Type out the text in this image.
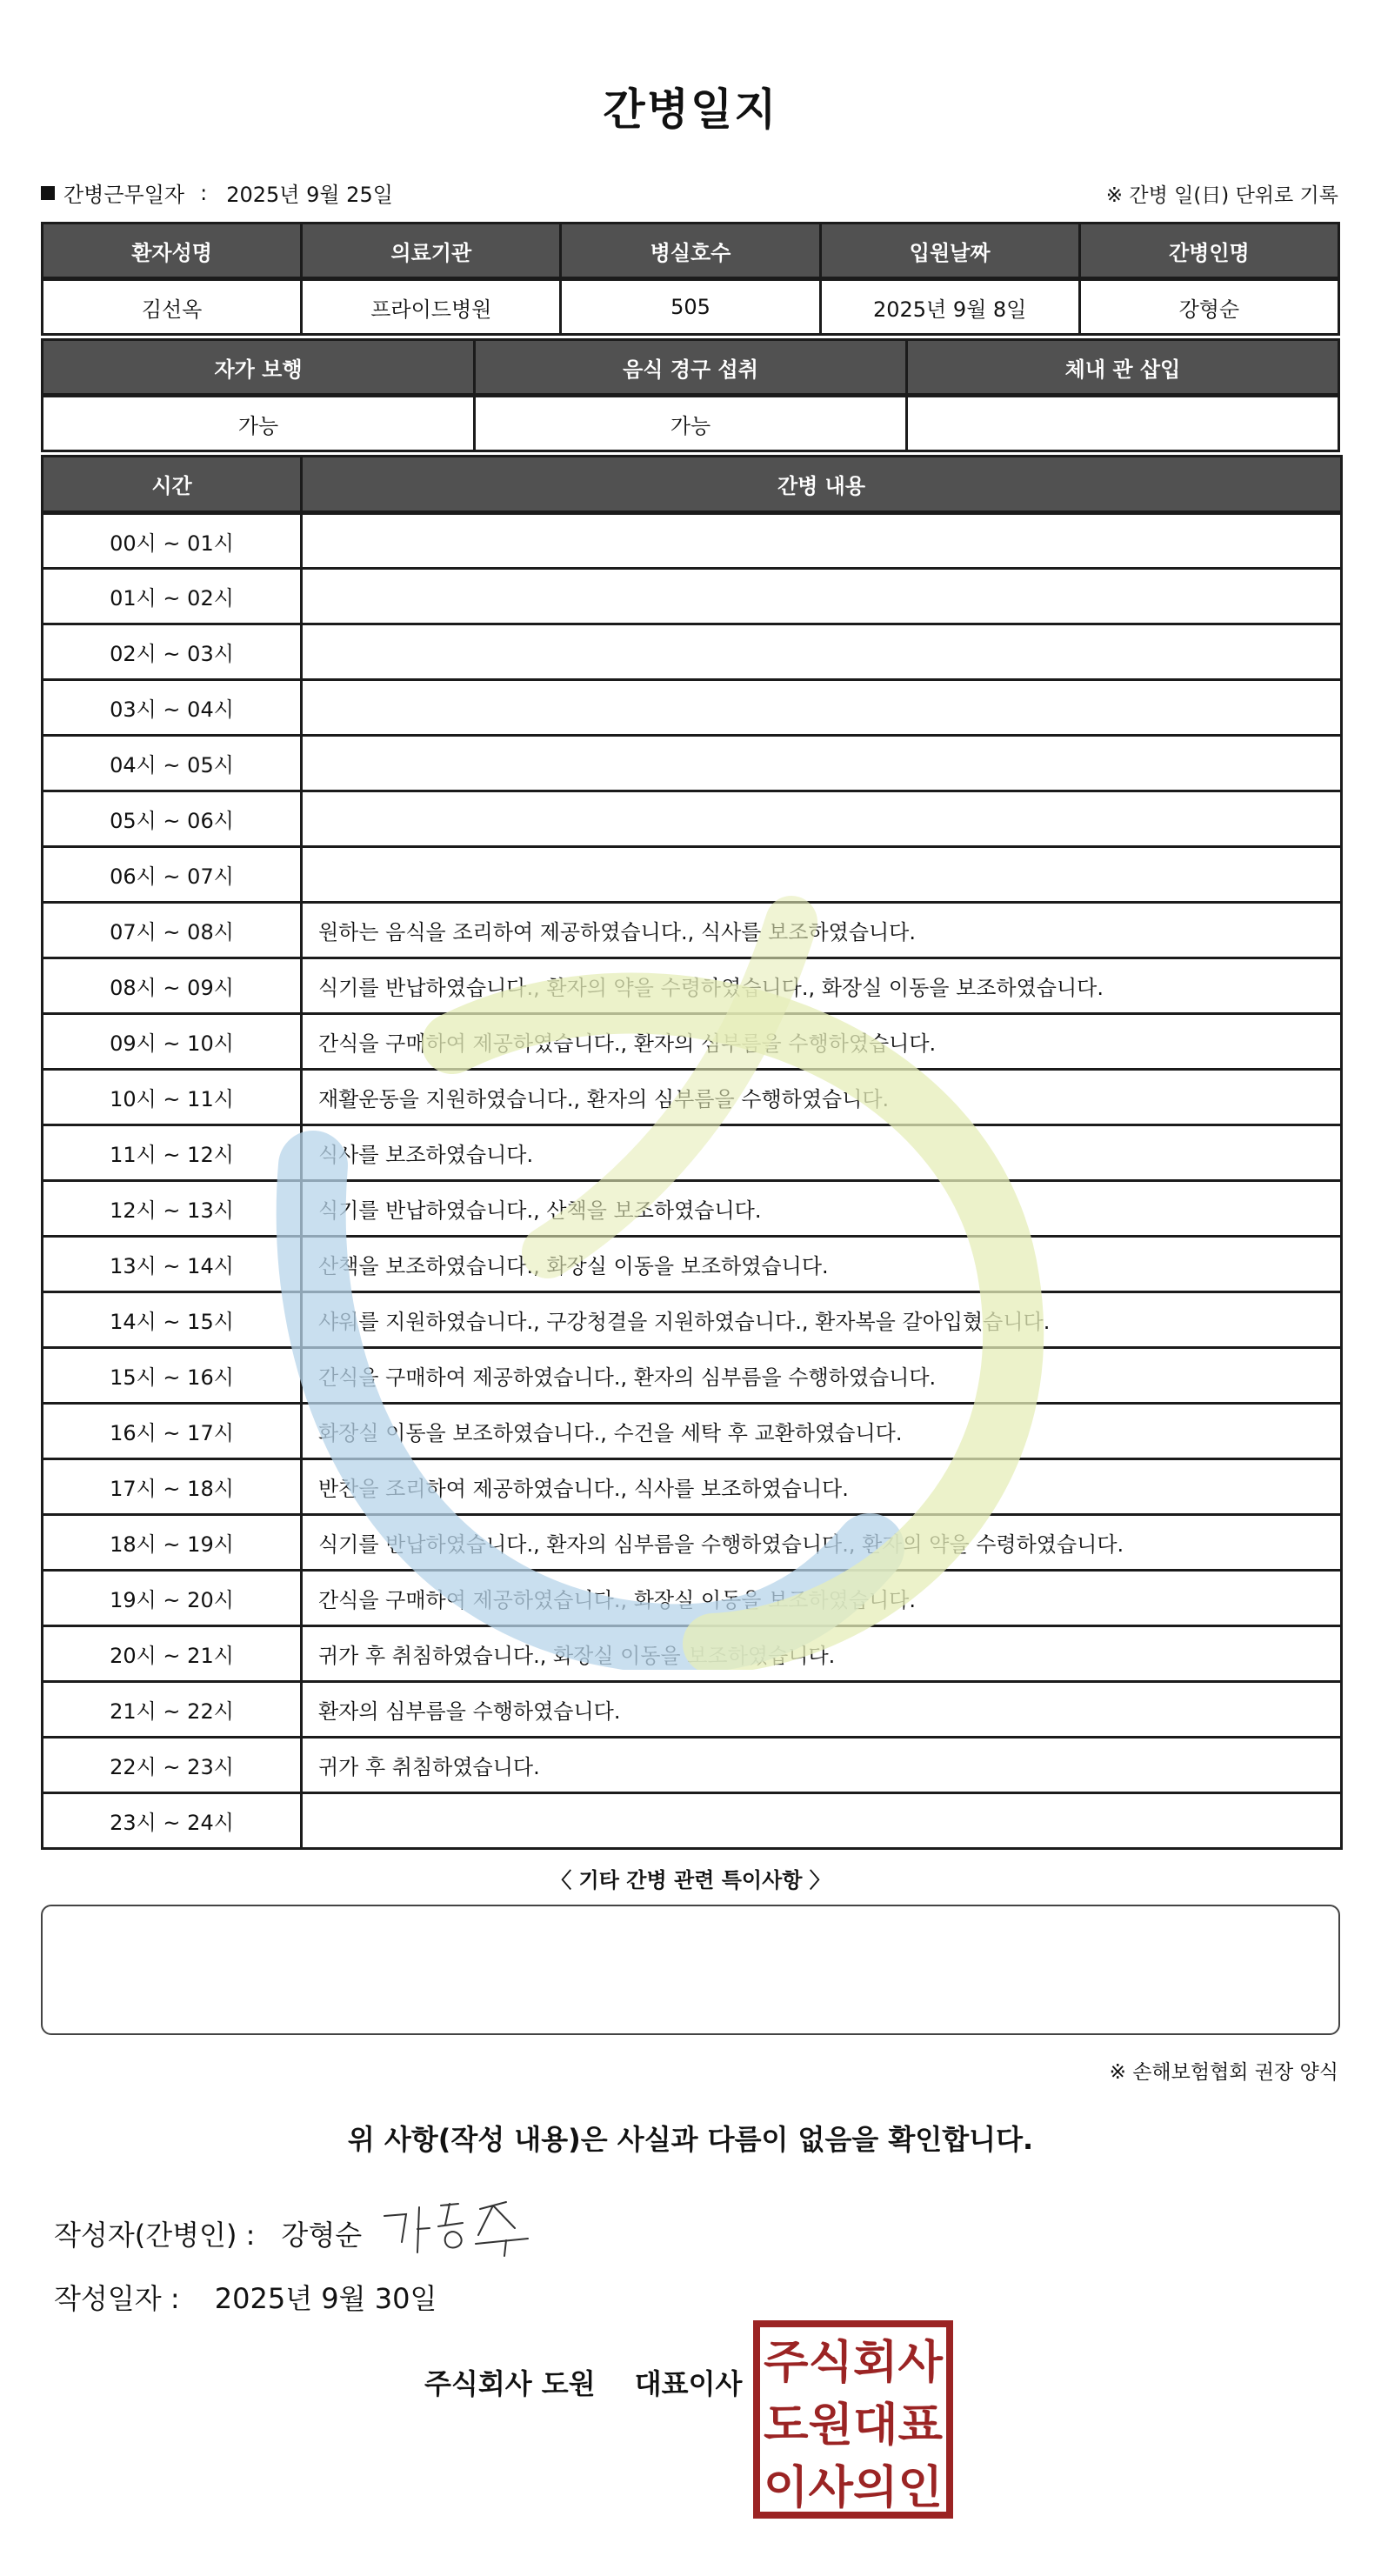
간병일지
간병근무일자 : 2025년 9월 25일	※ 간병 일(日) 단위로 기록
환자성명	의료기관	병실호수	입원날짜	간병인명
김선옥	프라이드병원	505	2025년 9월 8일	강형순
자가 보행	음식 경구 섭취	체내 관 삽입
가능	가능	
시간	간병 내용
00시 ~ 01시	
01시 ~ 02시	
02시 ~ 03시	
03시 ~ 04시	
04시 ~ 05시	
05시 ~ 06시	
06시 ~ 07시	
07시 ~ 08시	원하는 음식을 조리하여 제공하였습니다., 식사를 보조하였습니다.
08시 ~ 09시	식기를 반납하였습니다., 환자의 약을 수령하였습니다., 화장실 이동을 보조하였습니다.
09시 ~ 10시	간식을 구매하여 제공하였습니다., 환자의 심부름을 수행하였습니다.
10시 ~ 11시	재활운동을 지원하였습니다., 환자의 심부름을 수행하였습니다.
11시 ~ 12시	식사를 보조하였습니다.
12시 ~ 13시	식기를 반납하였습니다., 산책을 보조하였습니다.
13시 ~ 14시	산책을 보조하였습니다., 화장실 이동을 보조하였습니다.
14시 ~ 15시	샤워를 지원하였습니다., 구강청결을 지원하였습니다., 환자복을 갈아입혔습니다.
15시 ~ 16시	간식을 구매하여 제공하였습니다., 환자의 심부름을 수행하였습니다.
16시 ~ 17시	화장실 이동을 보조하였습니다., 수건을 세탁 후 교환하였습니다.
17시 ~ 18시	반찬을 조리하여 제공하였습니다., 식사를 보조하였습니다.
18시 ~ 19시	식기를 반납하였습니다., 환자의 심부름을 수행하였습니다., 환자의 약을 수령하였습니다.
19시 ~ 20시	간식을 구매하여 제공하였습니다., 화장실 이동을 보조하였습니다.
20시 ~ 21시	귀가 후 취침하였습니다., 화장실 이동을 보조하였습니다.
21시 ~ 22시	환자의 심부름을 수행하였습니다.
22시 ~ 23시	귀가 후 취침하였습니다.
23시 ~ 24시	
〈 기타 간병 관련 특이사항 〉
※ 손해보험협회 권장 양식
위 사항(작성 내용)은 사실과 다름이 없음을 확인합니다.
작성자(간병인) : 강형순
작성일자 : 2025년 9월 30일
주식회사 도원 대표이사 주식회사
도원대표
이사의인
